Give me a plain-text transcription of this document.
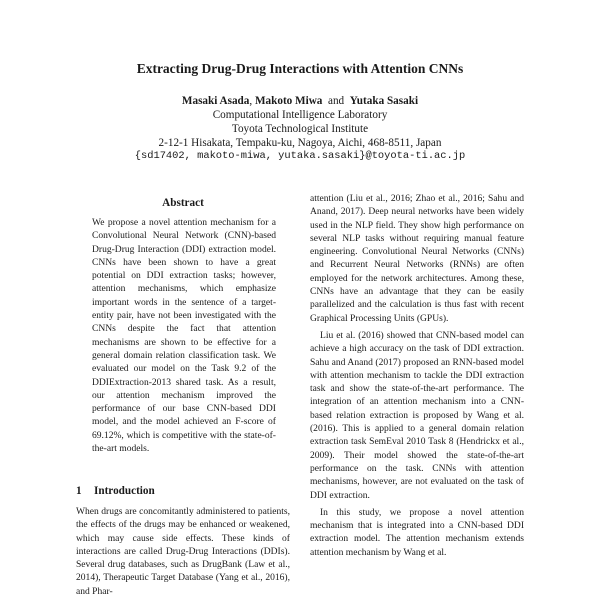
Extracting Drug-Drug Interactions with Attention CNNs
Masaki Asada, Makoto Miwa  and  Yutaka Sasaki
Computational Intelligence Laboratory
Toyota Technological Institute
2-12-1 Hisakata, Tempaku-ku, Nagoya, Aichi, 468-8511, Japan
{sd17402, makoto-miwa, yutaka.sasaki}@toyota-ti.ac.jp
Abstract

We propose a novel attention mechanism for a Convolutional Neural Network (CNN)-based Drug-Drug Interaction (DDI) extraction model. CNNs have been shown to have a great potential on DDI extraction tasks; however, attention mechanisms, which emphasize important words in the sentence of a target-entity pair, have not been investigated with the CNNs despite the fact that attention mechanisms are shown to be effective for a general domain relation classification task. We evaluated our model on the Task 9.2 of the DDIExtraction-2013 shared task. As a result, our attention mechanism improved the performance of our base CNN-based DDI model, and the model achieved an F-score of 69.12%, which is competitive with the state-of-the-art models.

1 Introduction

When drugs are concomitantly administered to patients, the effects of the drugs may be enhanced or weakened, which may cause side effects. These kinds of interactions are called Drug-Drug Interactions (DDIs). Several drug databases, such as DrugBank (Law et al., 2014), Therapeutic Target Database (Yang et al., 2016), and Phar-

attention (Liu et al., 2016; Zhao et al., 2016; Sahu and Anand, 2017). Deep neural networks have been widely used in the NLP field. They show high performance on several NLP tasks without requiring manual feature engineering. Convolutional Neural Networks (CNNs) and Recurrent Neural Networks (RNNs) are often employed for the network architectures. Among these, CNNs have an advantage that they can be easily parallelized and the calculation is thus fast with recent Graphical Processing Units (GPUs).

Liu et al. (2016) showed that CNN-based model can achieve a high accuracy on the task of DDI extraction. Sahu and Anand (2017) proposed an RNN-based model with attention mechanism to tackle the DDI extraction task and show the state-of-the-art performance. The integration of an attention mechanism into a CNN-based relation extraction is proposed by Wang et al. (2016). This is applied to a general domain relation extraction task SemEval 2010 Task 8 (Hendrickx et al., 2009). Their model showed the state-of-the-art performance on the task. CNNs with attention mechanisms, however, are not evaluated on the task of DDI extraction.

In this study, we propose a novel attention mechanism that is integrated into a CNN-based DDI extraction model. The attention mechanism extends attention mechanism by Wang et al.
